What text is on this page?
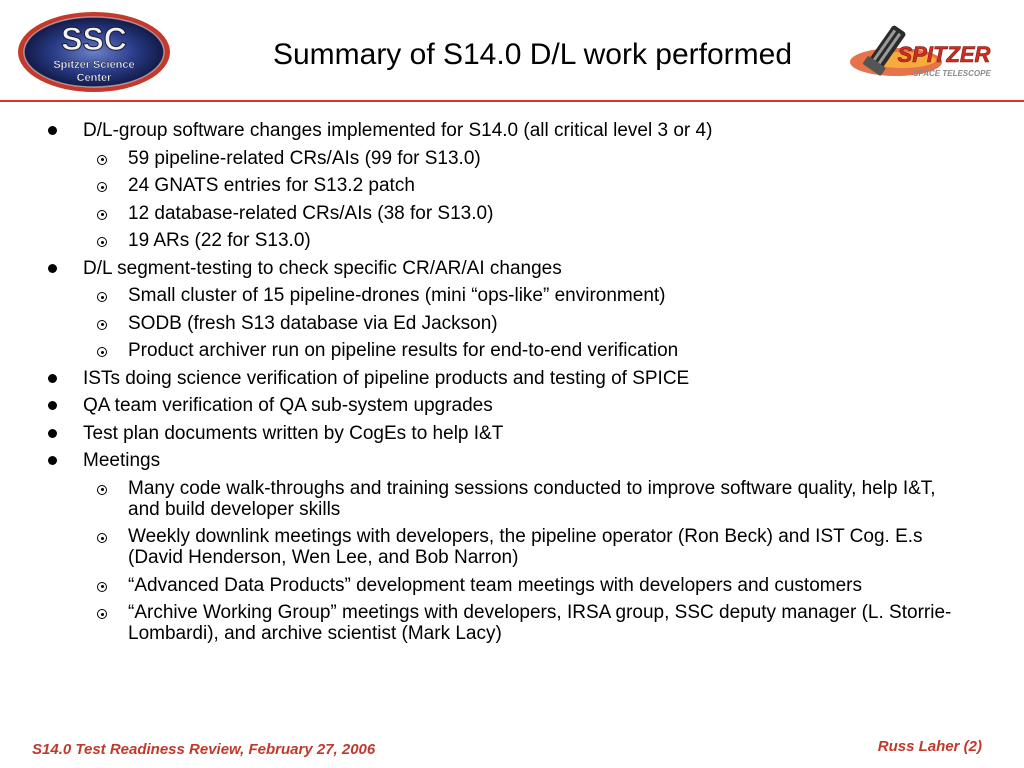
SSC
Spitzer Science
Center
Summary of S14.0 D/L work performed	SPITZER
SPACE TELESCOPE
D/L-group software changes implemented for S14.0 (all critical level 3 or 4)
59 pipeline-related CRs/AIs (99 for S13.0)
24 GNATS entries for S13.2 patch
12 database-related CRs/AIs (38 for S13.0)
19 ARs (22 for S13.0)
D/L segment-testing to check specific CR/AR/AI changes
Small cluster of 15 pipeline-drones (mini “ops-like” environment)
SODB (fresh S13 database via Ed Jackson)
Product archiver run on pipeline results for end-to-end verification
ISTs doing science verification of pipeline products and testing of SPICE
QA team verification of QA sub-system upgrades
Test plan documents written by CogEs to help I&T
Meetings
Many code walk-throughs and training sessions conducted to improve software quality, help I&T, and build developer skills
Weekly downlink meetings with developers, the pipeline operator (Ron Beck) and IST Cog. E.s (David Henderson, Wen Lee, and Bob Narron)
“Advanced Data Products” development team meetings with developers and customers
“Archive Working Group” meetings with developers, IRSA group, SSC deputy manager (L. Storrie-Lombardi), and archive scientist (Mark Lacy)
S14.0 Test Readiness Review, February 27, 2006	Russ Laher (2)
